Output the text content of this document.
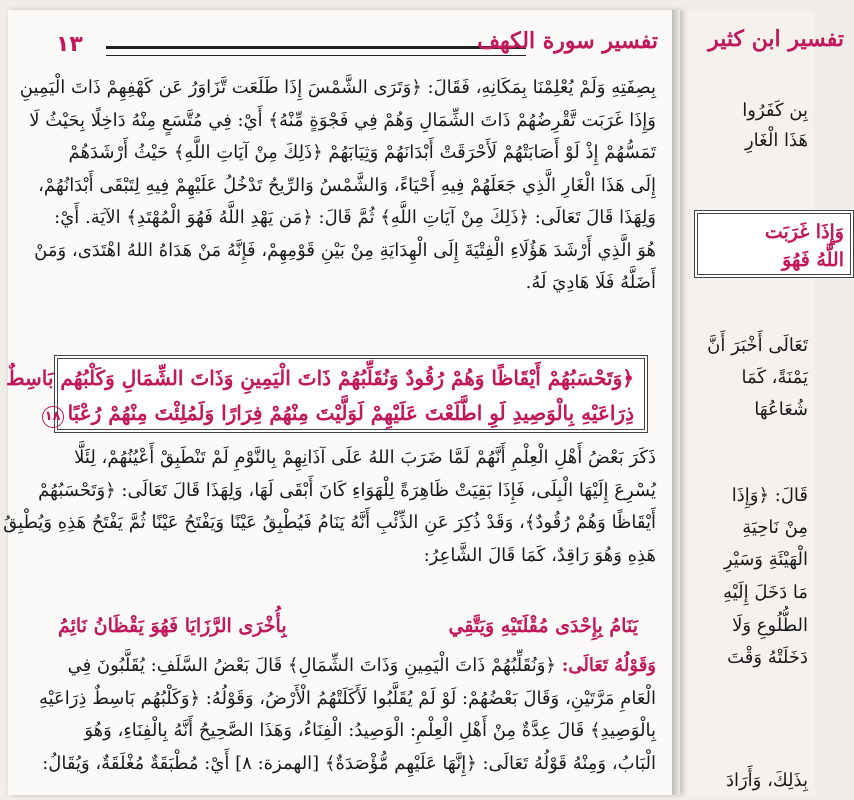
تفسير ابن كثير
بِن كَفَرُوا
هَذَا الْغَارِ
وَإِذَا غَرَبَت
اللَّهُ فَهُوَ
تَعَالَى أَخْبَرَ أَنَّ
يَمْنَةً، كَمَا
شُعَاعُهَا
قَالَ: ﴿وَإِذَا
مِنْ نَاحِيَةِ
الْهَيْئَةِ وَسَيْرِ
مَا دَخَلَ إِلَيْهِ
الطُّلُوعِ وَلَا
دَخَلَتْهُ وَقْتَ
بِذَلِكَ، وَأَرَادَ
١٣	تفسير سورة الكهف
بِصِفَتِهِ وَلَمْ يُعْلِمْنَا بِمَكَانِهِ، فَقَالَ: ﴿وَتَرَى الشَّمْسَ إِذَا طَلَعَت تَّزَاوَرُ عَن كَهْفِهِمْ ذَاتَ الْيَمِينِ
وَإِذَا غَرَبَت تَّقْرِضُهُمْ ذَاتَ الشِّمَالِ وَهُمْ فِي فَجْوَةٍ مِّنْهُ﴾ أَيْ: فِي مُتَّسَعٍ مِنْهُ دَاخِلًا بِحَيْثُ لَا
تَمَسُّهُمْ إِذْ لَوْ أَصَابَتْهُمْ لَأَحْرَقَتْ أَبْدَانَهُمْ وَثِيَابَهُمْ ﴿ذَلِكَ مِنْ آيَاتِ اللَّهِ﴾ حَيْثُ أَرْشَدَهُمْ
إِلَى هَذَا الْغَارِ الَّذِي جَعَلَهُمْ فِيهِ أَحْيَاءً، وَالشَّمْسُ وَالرِّيحُ تَدْخُلُ عَلَيْهِمْ فِيهِ لِتَبْقَى أَبْدَانُهُمْ،
وَلِهَذَا قَالَ تَعَالَى: ﴿ذَلِكَ مِنْ آيَاتِ اللَّهِ﴾ ثُمَّ قَالَ: ﴿مَن يَهْدِ اللَّهُ فَهُوَ الْمُهْتَدِ﴾ الآيَة. أَيْ:
هُوَ الَّذِي أَرْشَدَ هَؤُلَاءِ الْفِتْيَةَ إِلَى الْهِدَايَةِ مِنْ بَيْنِ قَوْمِهِمْ، فَإِنَّهُ مَنْ هَدَاهُ اللهُ اهْتَدَى، وَمَنْ
أَضَلَّهُ فَلَا هَادِيَ لَهُ.
﴿وَتَحْسَبُهُمْ أَيْقَاظًا وَهُمْ رُقُودٌ وَنُقَلِّبُهُمْ ذَاتَ الْيَمِينِ وَذَاتَ الشِّمَالِ وَكَلْبُهُم بَاسِطٌ
ذِرَاعَيْهِ بِالْوَصِيدِ لَوِ اطَّلَعْتَ عَلَيْهِمْ لَوَلَّيْتَ مِنْهُمْ فِرَارًا وَلَمُلِئْتَ مِنْهُمْ رُعْبًا١٨
ذَكَرَ بَعْضُ أَهْلِ الْعِلْمِ أَنَّهُمْ لَمَّا ضَرَبَ اللهُ عَلَى آذَانِهِمْ بِالنَّوْمِ لَمْ تَنْطَبِقْ أَعْيُنُهُمْ، لِئَلَّا
يُسْرِعَ إِلَيْهَا الْبِلَى، فَإِذَا بَقِيَتْ ظَاهِرَةً لِلْهَوَاءِ كَانَ أَبْقَى لَهَا، وَلِهَذَا قَالَ تَعَالَى: ﴿وَتَحْسَبُهُمْ
أَيْقَاظًا وَهُمْ رُقُودٌ﴾، وَقَدْ ذُكِرَ عَنِ الذِّئْبِ أَنَّهُ يَنَامُ فَيُطْبِقُ عَيْنًا وَيَفْتَحُ عَيْنًا ثُمَّ يَفْتَحُ هَذِهِ وَيُطْبِقُ
هَذِهِ وَهُوَ رَاقِدٌ، كَمَا قَالَ الشَّاعِرُ:
يَنَامُ بِإِحْدَى مُقْلَتَيْهِ وَيَتَّقِي
بِأُخْرَى الرَّزَايَا فَهُوَ يَقْظَانُ نَائِمُ
وَقَوْلُهُ تَعَالَى: ﴿وَنُقَلِّبُهُمْ ذَاتَ الْيَمِينِ وَذَاتَ الشِّمَالِ﴾ قَالَ بَعْضُ السَّلَفِ: يُقَلَّبُونَ فِي
الْعَامِ مَرَّتَيْنِ، وَقَالَ بَعْضُهُمْ: لَوْ لَمْ يُقَلَّبُوا لَأَكَلَتْهُمُ الْأَرْضُ، وَقَوْلُهُ: ﴿وَكَلْبُهُم بَاسِطٌ ذِرَاعَيْهِ
بِالْوَصِيدِ﴾ قَالَ عِدَّةٌ مِنْ أَهْلِ الْعِلْمِ: الْوَصِيدُ: الْفِنَاءُ، وَهَذَا الصَّحِيحُ أَنَّهُ بِالْفِنَاءِ، وَهُوَ
الْبَابُ، وَمِنْهُ قَوْلُهُ تَعَالَى: ﴿إِنَّهَا عَلَيْهِم مُّؤْصَدَةٌ﴾ [الهمزة: ٨] أَيْ: مُطْبَقَةٌ مُغْلَقَةٌ، وَيُقَالُ:
